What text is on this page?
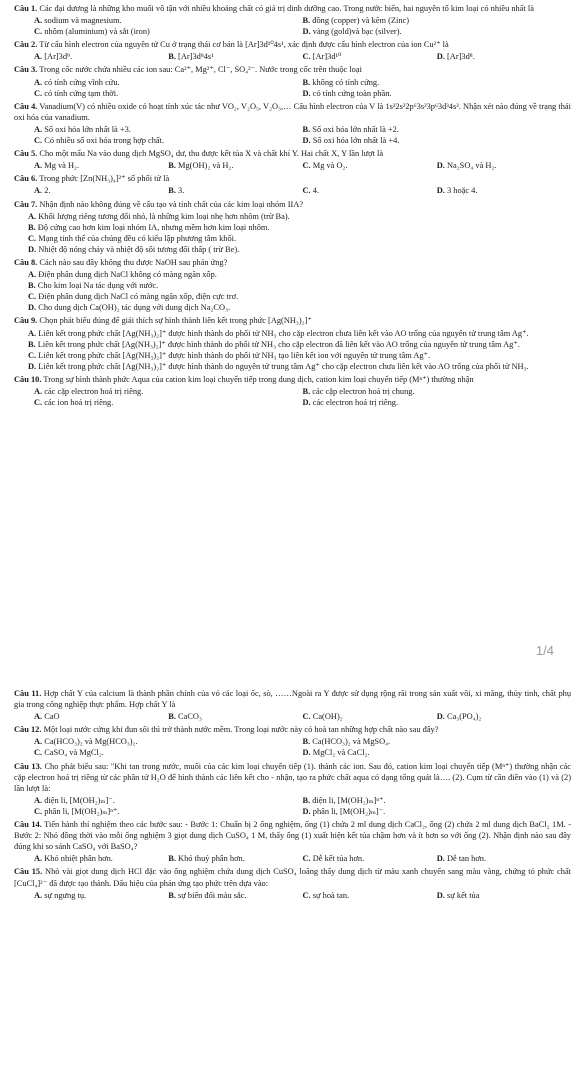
Câu 1. Các đại dương là những kho muối vô tận với nhiều khoáng chất có giá trị dinh dưỡng cao. Trong nước biển, hai nguyên tố kim loại có nhiều nhất là
A. sodium và magnesium.	B. đồng (copper) và kẽm (Zinc)
C. nhôm (aluminium) và sắt (iron)	D. vàng (gold)và bạc (silver).
Câu 2. Từ cấu hình electron của nguyên tử Cu ở trạng thái cơ bản là [Ar]3d¹⁰4s¹, xác định được cấu hình electron của ion Cu²⁺ là
A. [Ar]3d⁹.	B. [Ar]3d⁸4s¹	C. [Ar]3d¹⁰	D. [Ar]3d⁸.
Câu 3. Trong cốc nước chứa nhiều các ion sau: Ca²⁺, Mg²⁺, Cl⁻, SO₄²⁻. Nước trong cốc trên thuộc loại
A. có tính cứng vĩnh cửu.	B. không có tính cứng.
C. có tính cứng tạm thời.	D. có tính cứng toàn phần.
Câu 4. Vanadium(V) có nhiều oxide có hoạt tính xúc tác như VO₂, V₂O₅, V₂O₃,… Cấu hình electron của V là 1s²2s²2p⁶3s²3p⁶3d³4s². Nhận xét nào đúng về trạng thái oxi hóa của vanadium.
A. Số oxi hóa lớn nhất là +3.	B. Số oxi hóa lớn nhất là +2.
C. Có nhiều số oxi hóa trong hợp chất.	D. Số oxi hóa lớn nhất là +4.
Câu 5. Cho một mẩu Na vào dung dịch MgSO₄ dư, thu được kết tủa X và chất khí Y. Hai chất X, Y lần lượt là
A. Mg và H₂.	B. Mg(OH)₂ và H₂.	C. Mg và O₂.	D. Na₂SO₄ và H₂.
Câu 6. Trong phức [Zn(NH₃)₄]²⁺ số phối tử là
A. 2.	B. 3.	C. 4.	D. 3 hoặc 4.
Câu 7. Nhận định nào không đúng về cấu tạo và tính chất của các kim loại nhóm IIA?
A. Khối lượng riêng tương đối nhỏ, là những kim loại nhẹ hơn nhôm (trừ Ba).
B. Độ cứng cao hơn kim loại nhóm IA, nhưng mềm hơn kim loại nhôm.
C. Mạng tinh thể của chúng đều có kiểu lập phương tâm khối.
D. Nhiệt độ nóng chảy và nhiệt độ sôi tương đối thấp ( trừ Be).
Câu 8. Cách nào sau đây không thu được NaOH sau phản ứng?
A. Điện phân dung dịch NaCl không có màng ngăn xốp.
B. Cho kim loại Na tác dụng với nước.
C. Điện phân dung dịch NaCl có màng ngăn xốp, điện cực trơ.
D. Cho dung dịch Ca(OH)₂ tác dụng với dung dịch Na₂CO₃.
Câu 9. Chọn phát biểu đúng để giải thích sự hình thành liên kết trong phức [Ag(NH₃)₂]⁺
A. Liên kết trong phức chất [Ag(NH₃)₂]⁺ được hình thành do phối tử NH₃ cho cặp electron chưa liên kết vào AO trống của nguyên tử trung tâm Ag⁺.
B. Liên kết trong phức chất [Ag(NH₃)₂]⁺ được hình thành do phối tử NH₃ cho cặp electron đã liên kết vào AO trống của nguyên tử trung tâm Ag⁺.
C. Liên kết trong phức chất [Ag(NH₃)₂]⁺ được hình thành do phối tử NH₃ tạo liên kết ion với nguyên tử trung tâm Ag⁺.
D. Liên kết trong phức chất [Ag(NH₃)₂]⁺ được hình thành do nguyên tử trung tâm Ag⁺ cho cặp electron chưa liên kết vào AO trống của phối tử NH₃.
Câu 10. Trong sự hình thành phức Aqua của cation kim loại chuyển tiếp trong dung dịch, cation kim loại chuyển tiếp (Mⁿ⁺) thường nhận
A. các cặp electron hoá trị riêng.	B. các cặp electron hoá trị chung.
C. các ion hoá trị riêng.	D. các electron hoá trị riêng.
1/4
Câu 11. Hợp chất Y của calcium là thành phần chính của vỏ các loại ốc, sò, ……Ngoài ra Y được sử dụng rộng rãi trong sản xuất vôi, xi măng, thủy tinh, chất phụ gia trong công nghiệp thực phẩm. Hợp chất Y là
A. CaO	B. CaCO₃	C. Ca(OH)₂	D. Ca₃(PO₄)₂
Câu 12. Một loại nước cứng khi đun sôi thì trở thành nước mềm. Trong loại nước này có hoà tan những hợp chất nào sau đây?
A. Ca(HCO₃)₂ và Mg(HCO₃)₂.	B. Ca(HCO₃)₂ và MgSO₄.
C. CaSO₄ và MgCl₂.	D. MgCl₂ và CaCl₂.
Câu 13. Cho phát biểu sau: "Khi tan trong nước, muối của các kim loại chuyển tiếp (1). thành các ion. Sau đó, cation kim loại chuyển tiếp (Mⁿ⁺) thường nhận các cặp electron hoá trị riêng từ các phân tử H₂O để hình thành các liên kết cho - nhận, tạo ra phức chất aqua có dạng tổng quát là…. (2). Cụm từ cần điền vào (1) và (2) lần lượt là:
A. điện li, [M(OH₂)ₘ]⁻.	B. điện li, [M(OH₂)ₘ]ⁿ⁺.
C. phân li, [M(OH₂)ₘ]ⁿ⁺.	D. phân li, [M(OH₂)ₘ]⁻.
Câu 14. Tiến hành thí nghiệm theo các bước sau: - Bước 1: Chuẩn bị 2 ống nghiệm, ống (1) chứa 2 ml dung dịch CaCl₂, ống (2) chứa 2 ml dung dịch BaCl₂ 1M. - Bước 2: Nhỏ đồng thời vào mỗi ống nghiệm 3 giọt dung dịch CuSO₄ 1 M, thấy ống (1) xuất hiện kết tủa chậm hơn và ít hơn so với ống (2). Nhận định nào sau đây đúng khi so sánh CaSO₄ với BaSO₄?
A. Khó nhiệt phân hơn.	B. Khó thuỷ phân hơn.	C. Dễ kết tủa hơn.	D. Dễ tan hơn.
Câu 15. Nhỏ vài giọt dung dịch HCl đặc vào ống nghiệm chứa dung dịch CuSO₄ loãng thấy dung dịch từ màu xanh chuyển sang màu vàng, chứng tỏ phức chất [CuCl₄]²⁻ đã được tạo thành. Dấu hiệu của phản ứng tạo phức trên dựa vào:
A. sự ngưng tụ.	B. sự biến đổi màu sắc.	C. sự hoà tan.	D. sự kết tủa
